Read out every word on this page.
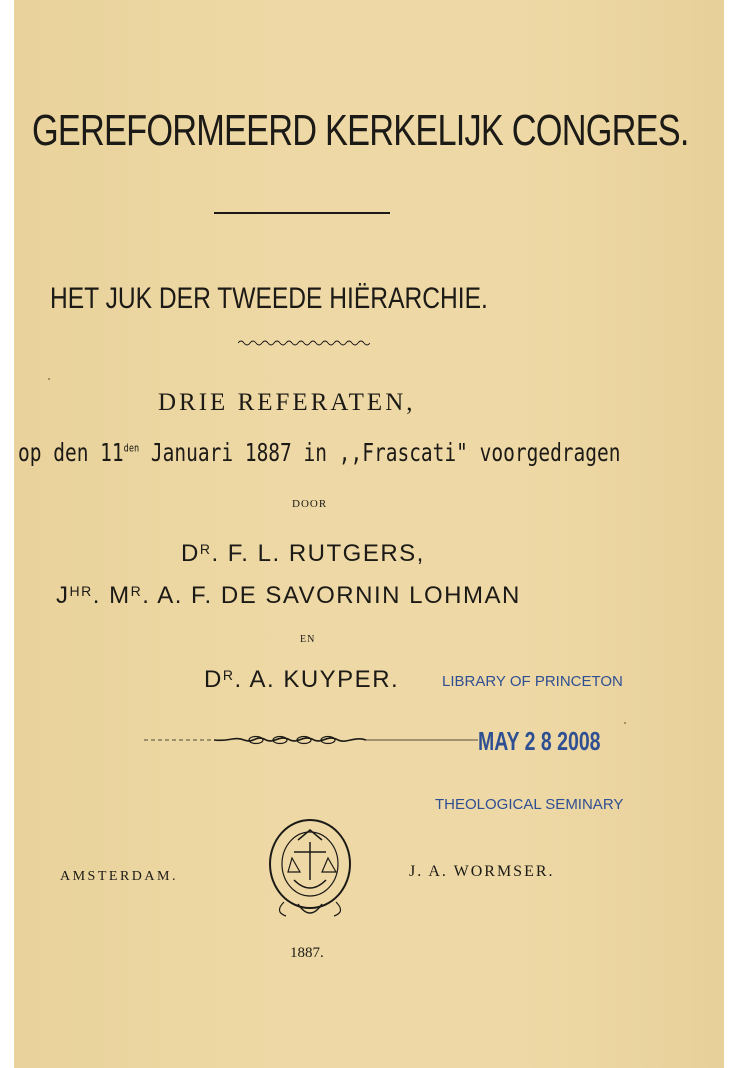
GEREFORMEERD KERKELIJK CONGRES.
HET JUK DER TWEEDE HIËRARCHIE.
DRIE REFERATEN,
op den $11^{den}$ Januari 1887 in ,,Frascati" voorgedragen
DOOR
$D^R$. F. L. RUTGERS,
$J^{HR}$. $M^R$. A. F. DE SAVORNIN LOHMAN
EN
$D^R$. A. KUYPER.	LIBRARY OF PRINCETON
MAY 2 8 2008
THEOLOGICAL SEMINARY
AMSTERDAM.	J. A. WORMSER.
1887.
